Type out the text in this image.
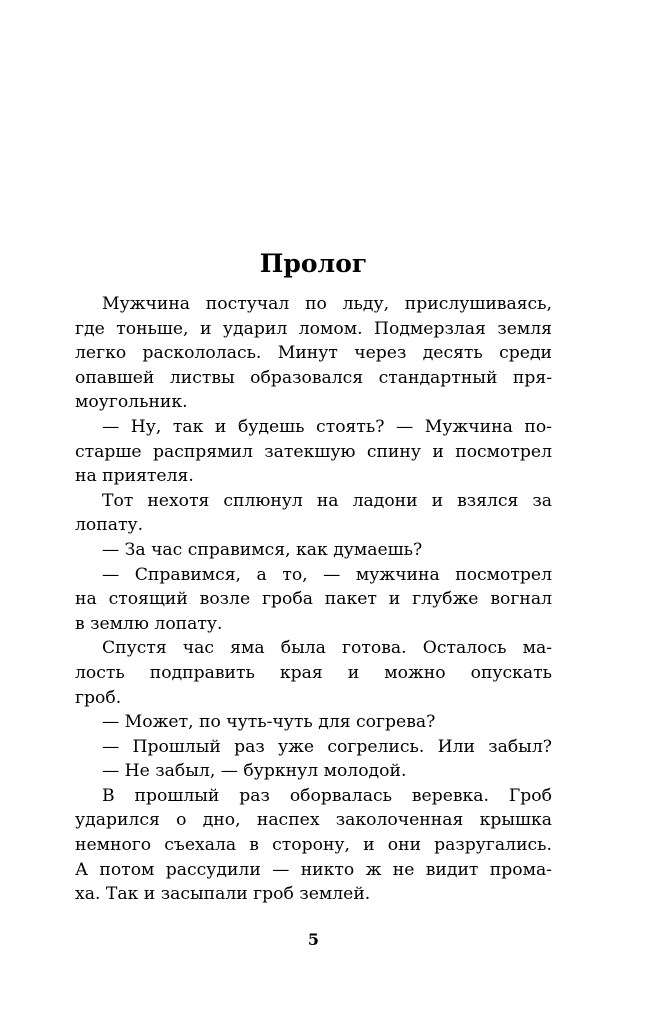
Пролог
Мужчина постучал по льду, прислушиваясь,
где тоньше, и ударил ломом. Подмерзлая земля
легко раскололась. Минут через десять среди
опавшей листвы образовался стандартный пря-
моугольник.
— Ну, так и будешь стоять? — Мужчина по-
старше распрямил затекшую спину и посмотрел
на приятеля.
Тот нехотя сплюнул на ладони и взялся за
лопату.
— За час справимся, как думаешь?
— Справимся, а то, — мужчина посмотрел
на стоящий возле гроба пакет и глубже вогнал
в землю лопату.
Спустя час яма была готова. Осталось ма-
лость подправить края и можно опускать
гроб.
— Может, по чуть-чуть для согрева?
— Прошлый раз уже согрелись. Или забыл?
— Не забыл, — буркнул молодой.
В прошлый раз оборвалась веревка. Гроб
ударился о дно, наспех заколоченная крышка
немного съехала в сторону, и они разругались.
А потом рассудили — никто ж не видит прома-
ха. Так и засыпали гроб землей.
5
